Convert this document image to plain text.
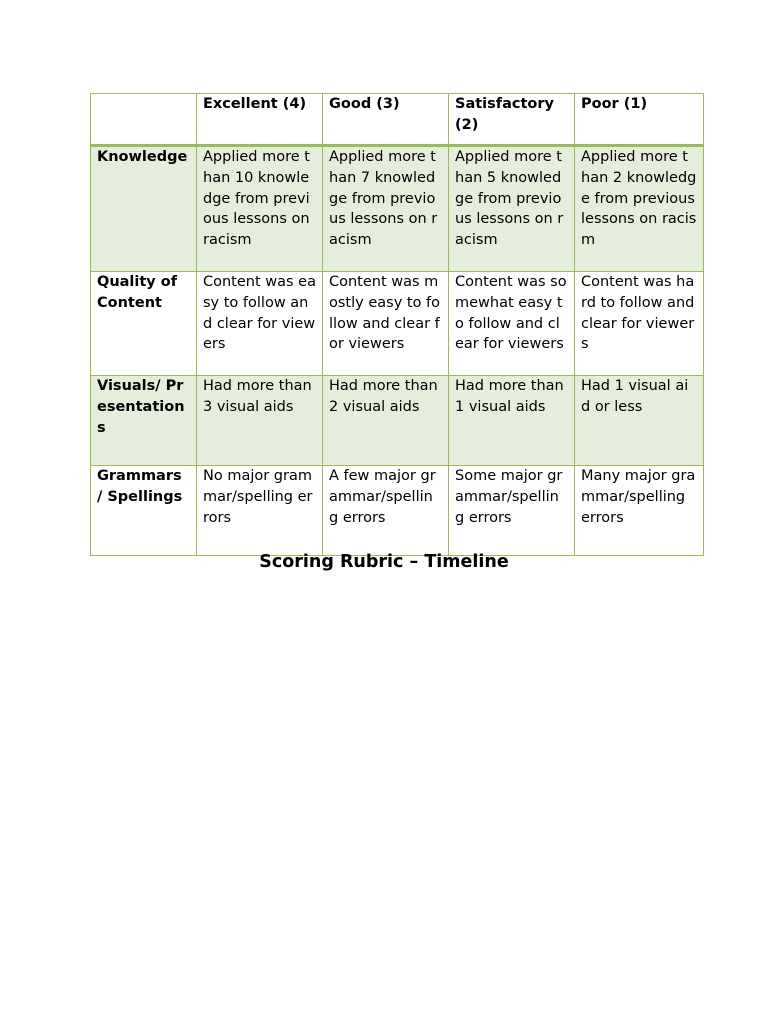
	Excellent (4)	Good (3)	Satisfactory (2)	Poor (1)
Knowledge	Applied more than 10 knowledge from previous lessons on racism	Applied more than 7 knowledge from previous lessons on racism	Applied more than 5 knowledge from previous lessons on racism	Applied more than 2 knowledge from previous lessons on racism
Quality of Content	Content was easy to follow and clear for viewers	Content was mostly easy to follow and clear for viewers	Content was somewhat easy to follow and clear for viewers	Content was hard to follow and clear for viewers
Visuals/ Presentations	Had more than 3 visual aids	Had more than 2 visual aids	Had more than 1 visual aids	Had 1 visual aid or less
Grammars / Spellings	No major grammar/spelling errors	A few major grammar/spelling errors	Some major grammar/spelling errors	Many major grammar/spelling errors
Scoring Rubric – Timeline
